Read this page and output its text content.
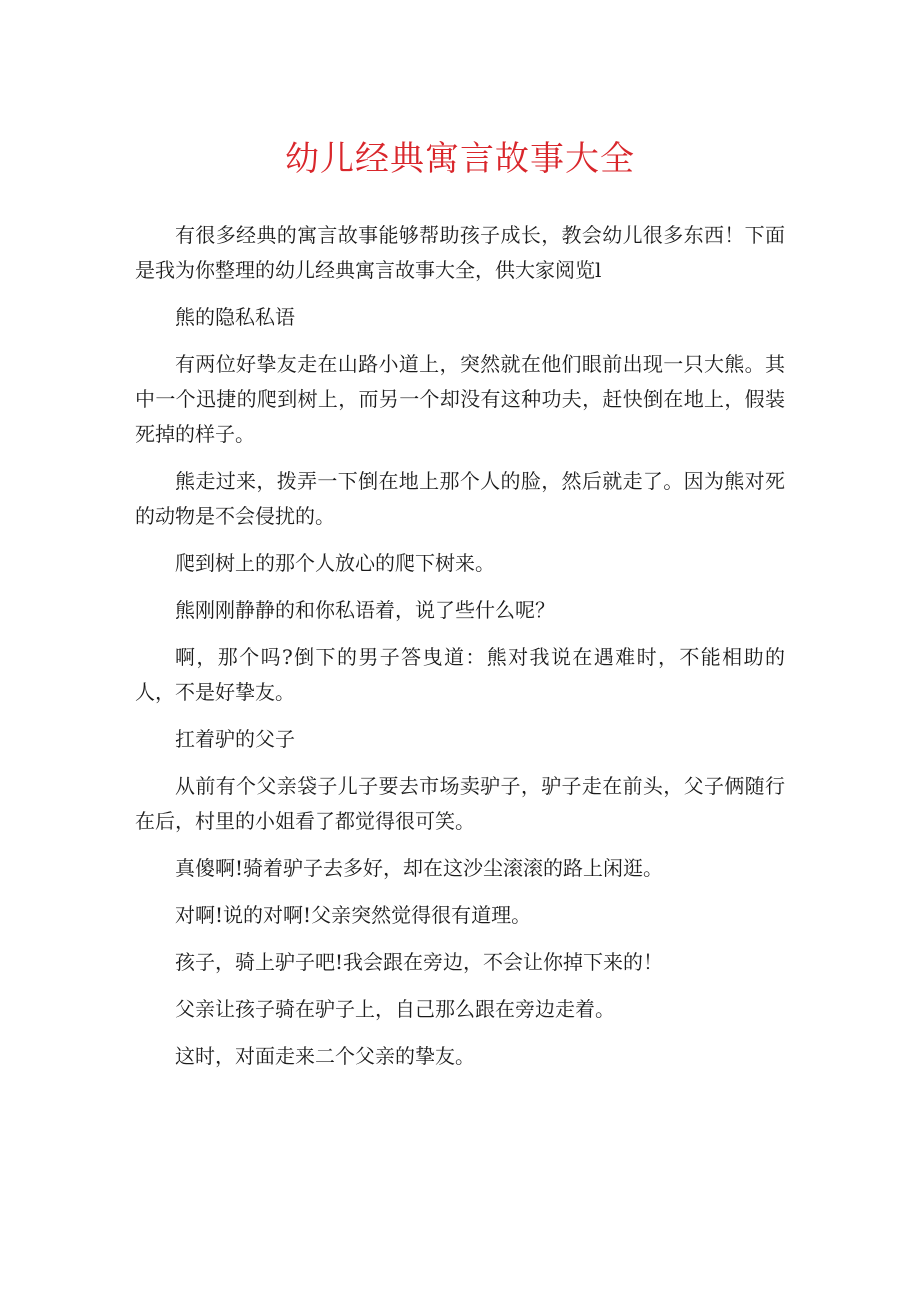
幼儿经典寓言故事大全

有很多经典的寓言故事能够帮助孩子成长，教会幼儿很多东西！下面是我为你整理的幼儿经典寓言故事大全，供大家阅览l

熊的隐私私语

有两位好挚友走在山路小道上，突然就在他们眼前出现一只大熊。其中一个迅捷的爬到树上，而另一个却没有这种功夫，赶快倒在地上，假装死掉的样子。

熊走过来，拨弄一下倒在地上那个人的脸，然后就走了。因为熊对死的动物是不会侵扰的。

爬到树上的那个人放心的爬下树来。

熊刚刚静静的和你私语着，说了些什么呢？

啊，那个吗?倒下的男子答曳道：熊对我说在遇难时，不能相助的人，不是好挚友。

扛着驴的父子

从前有个父亲袋子儿子要去市场卖驴子，驴子走在前头，父子俩随行在后，村里的小姐看了都觉得很可笑。

真傻啊!骑着驴子去多好，却在这沙尘滚滚的路上闲逛。

对啊!说的对啊!父亲突然觉得很有道理。

孩子，骑上驴子吧!我会跟在旁边，不会让你掉下来的！

父亲让孩子骑在驴子上，自己那么跟在旁边走着。

这时，对面走来二个父亲的挚友。
